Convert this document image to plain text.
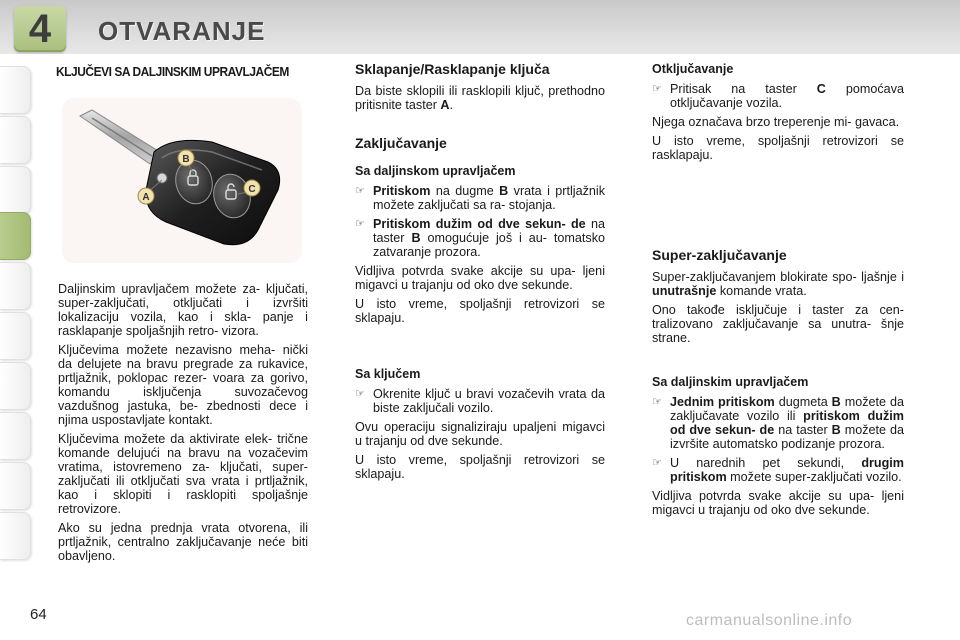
4	OTVARANJE
KLJUČEVI SA DALJINSKIM UPRAVLJAČEM
A
B
C

Daljinskim upravljačem možete za- ključati, super-zaključati, otključati i izvršiti lokalizaciju vozila, kao i skla- panje i rasklapanje spoljašnjih retro- vizora.

Ključevima možete nezavisno meha- nički da delujete na bravu pregrade za rukavice, prtljažnik, poklopac rezer- voara za gorivo, komandu isključenja suvozačevog vazdušnog jastuka, be- zbednosti dece i njima uspostavljate kontakt.

Ključevima možete da aktivirate elek- trične komande delujući na bravu na vozačevim vratima, istovremeno za- ključati, super-zaključati ili otključati sva vrata i prtljažnik, kao i sklopiti i rasklopiti spoljašnje retrovizore.

Ako su jedna prednja vrata otvorena, ili prtljažnik, centralno zaključavanje neće biti obavljeno.

Sklapanje/Rasklapanje ključa

Da biste sklopili ili rasklopili ključ, prethodno pritisnite taster A.

Zaključavanje
Sa daljinskom upravljačem
☞ Pritiskom na dugme B vrata i prtljažnik možete zaključati sa ra- stojanja.
☞ Pritiskom dužim od dve sekun- de na taster B omogućuje još i au- tomatsko zatvaranje prozora.

Vidljiva potvrda svake akcije su upa- ljeni migavci u trajanju od oko dve sekunde.

U isto vreme, spoljašnji retrovizori se sklapaju.

Sa ključem
☞ Okrenite ključ u bravi vozačevih vrata da biste zaključali vozilo.

Ovu operaciju signaliziraju upaljeni migavci u trajanju od dve sekunde.

U isto vreme, spoljašnji retrovizori se sklapaju.

Otključavanje
☞ Pritisak na taster C pomoćava otključavanje vozila.

Njega označava brzo treperenje mi- gavaca.

U isto vreme, spoljašnji retrovizori se rasklapaju.

Super-zaključavanje

Super-zaključavanjem blokirate spo- ljašnje i unutrašnje komande vrata.

Ono takođe isključuje i taster za cen- tralizovano zaključavanje sa unutra- šnje strane.

Sa daljinskim upravljačem
☞ Jednim pritiskom dugmeta B možete da zaključavate vozilo ili pritiskom dužim od dve sekun- de na taster B možete da izvršite automatsko podizanje prozora.
☞ U narednih pet sekundi, drugim pritiskom možete super-zaključati vozilo.

Vidljiva potvrda svake akcije su upa- ljeni migavci u trajanju od oko dve sekunde.

64	carmanualsonline.info
